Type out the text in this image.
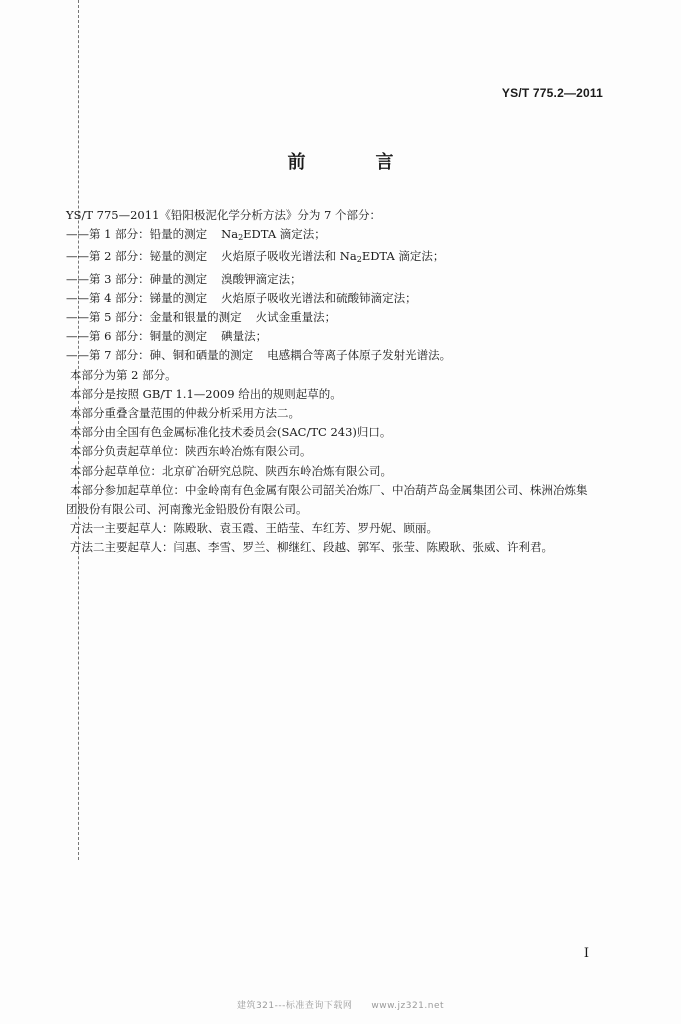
YS/T 775.2—2011
前　言
YS/T 775—2011《铅阳极泥化学分析方法》分为 7 个部分：
——第 1 部分：铅量的测定 $Na_2EDTA$ 滴定法；
——第 2 部分：铋量的测定 火焰原子吸收光谱法和 $Na_2EDTA$ 滴定法；
——第 3 部分：砷量的测定 溴酸钾滴定法；
——第 4 部分：锑量的测定 火焰原子吸收光谱法和硫酸铈滴定法；
——第 5 部分：金量和银量的测定 火试金重量法；
——第 6 部分：铜量的测定 碘量法；
——第 7 部分：砷、铜和硒量的测定 电感耦合等离子体原子发射光谱法。
本部分为第 2 部分。
本部分是按照 GB/T 1.1—2009 给出的规则起草的。
本部分重叠含量范围的仲裁分析采用方法二。
本部分由全国有色金属标准化技术委员会(SAC/TC 243)归口。
本部分负责起草单位：陕西东岭冶炼有限公司。
本部分起草单位：北京矿冶研究总院、陕西东岭冶炼有限公司。
本部分参加起草单位：中金岭南有色金属有限公司韶关冶炼厂、中冶葫芦岛金属集团公司、株洲冶炼集团股份有限公司、河南豫光金铅股份有限公司。
方法一主要起草人：陈殿耿、袁玉霞、王皓莹、车红芳、罗丹妮、顾丽。
方法二主要起草人：闫惠、李雪、罗兰、柳继红、段越、郭军、张莹、陈殿耿、张威、许利君。
I
建筑321---标准查询下载网　　www.jz321.net
